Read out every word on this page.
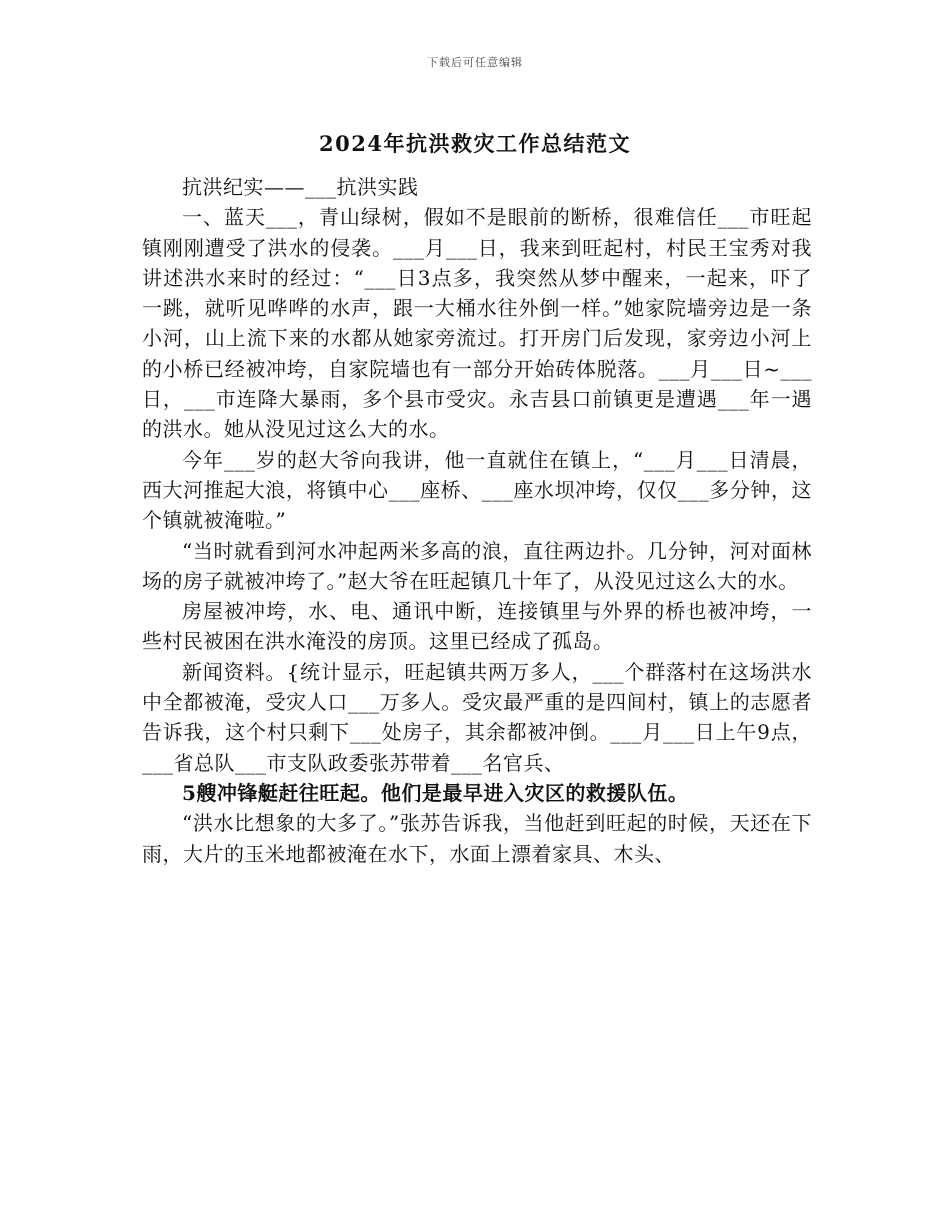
下载后可任意编辑
2024年抗洪救灾工作总结范文

抗洪纪实——___抗洪实践

一、蓝天___，青山绿树，假如不是眼前的断桥，很难信任___市旺起镇刚刚遭受了洪水的侵袭。___月___日，我来到旺起村，村民王宝秀对我讲述洪水来时的经过：“___日3点多，我突然从梦中醒来，一起来，吓了一跳，就听见哗哗的水声，跟一大桶水往外倒一样。”她家院墙旁边是一条小河，山上流下来的水都从她家旁流过。打开房门后发现，家旁边小河上的小桥已经被冲垮，自家院墙也有一部分开始砖体脱落。___月___日~___日，___市连降大暴雨，多个县市受灾。永吉县口前镇更是遭遇___年一遇的洪水。她从没见过这么大的水。

今年___岁的赵大爷向我讲，他一直就住在镇上，“___月___日清晨，西大河推起大浪，将镇中心___座桥、___座水坝冲垮，仅仅___多分钟，这个镇就被淹啦。”

“当时就看到河水冲起两米多高的浪，直往两边扑。几分钟，河对面林场的房子就被冲垮了。”赵大爷在旺起镇几十年了，从没见过这么大的水。

房屋被冲垮，水、电、通讯中断，连接镇里与外界的桥也被冲垮，一些村民被困在洪水淹没的房顶。这里已经成了孤岛。

新闻资料。{统计显示，旺起镇共两万多人，___个群落村在这场洪水中全都被淹，受灾人口___万多人。受灾最严重的是四间村，镇上的志愿者告诉我，这个村只剩下___处房子，其余都被冲倒。___月___日上午9点，___省总队___市支队政委张苏带着___名官兵、

5艘冲锋艇赶往旺起。他们是最早进入灾区的救援队伍。

“洪水比想象的大多了。”张苏告诉我，当他赶到旺起的时候，天还在下雨，大片的玉米地都被淹在水下，水面上漂着家具、木头、
